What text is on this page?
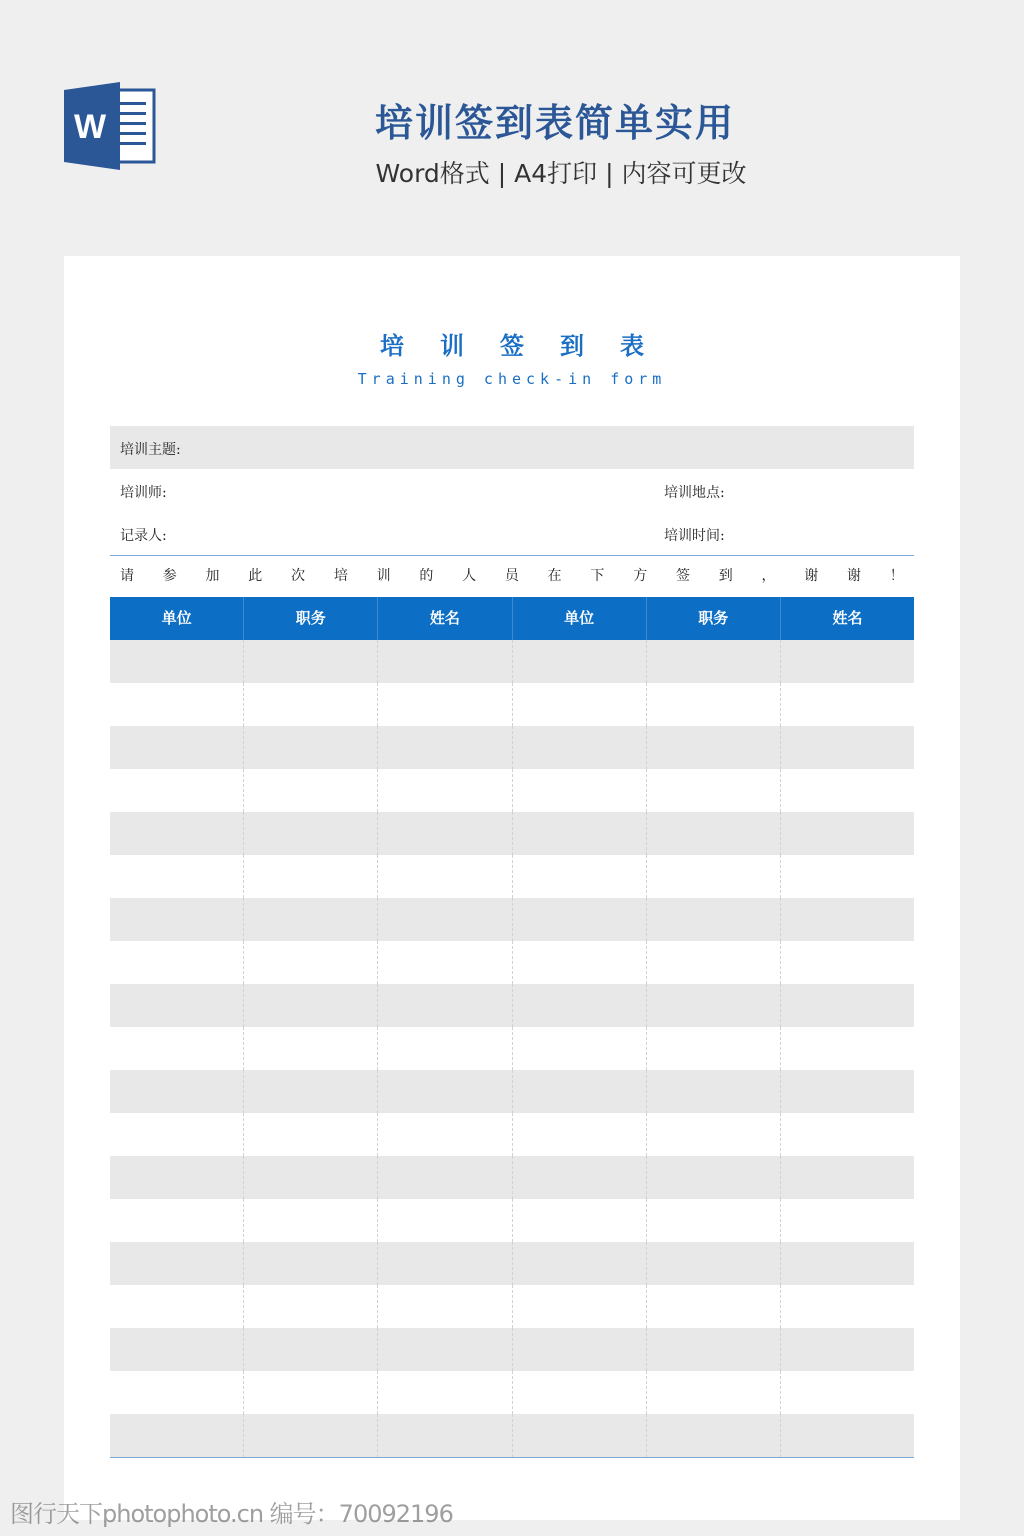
W	培训签到表简单实用
Word格式 | A4打印 | 内容可更改
培训签到表
Training check-in form
培训主题:
培训师:	培训地点:
记录人:	培训时间:
请 参 加 此 次 培 训 的 人 员 在 下 方 签 到 ， 谢 谢 ！
单位	职务	姓名	单位	职务	姓名
图行天下photophoto.cn 编号：70092196
